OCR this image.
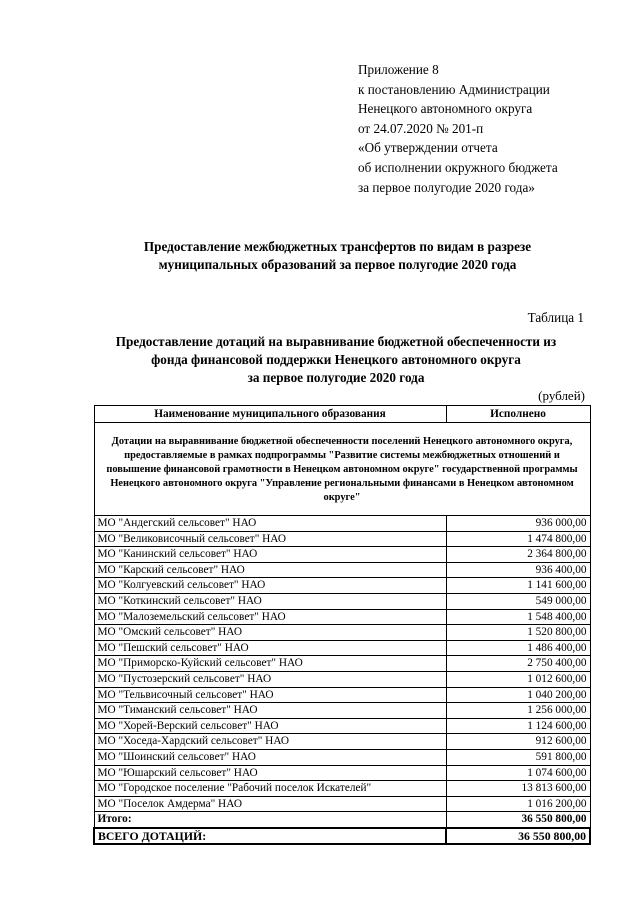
Приложение 8
к постановлению Администрации
Ненецкого автономного округа
от 24.07.2020 № 201-п
«Об утверждении отчета
об исполнении окружного бюджета
за первое полугодие 2020 года»
Предоставление межбюджетных трансфертов по видам в разрезе
муниципальных образований за первое полугодие 2020 года
Таблица 1
Предоставление дотаций на выравнивание бюджетной обеспеченности из
фонда финансовой поддержки Ненецкого автономного округа
за первое полугодие 2020 года
(рублей)
Наименование муниципального образования	Исполнено
Дотации на выравнивание бюджетной обеспеченности поселений Ненецкого автономного округа, предоставляемые в рамках подпрограммы "Развитие системы межбюджетных отношений и повышение финансовой грамотности в Ненецком автономном округе" государственной программы Ненецкого автономного округа "Управление региональными финансами в Ненецком автономном округе"	
МО "Андегский сельсовет" НАО	936 000,00
МО "Великовисочный сельсовет" НАО	1 474 800,00
МО "Канинский сельсовет" НАО	2 364 800,00
МО "Карский сельсовет" НАО	936 400,00
МО "Колгуевский сельсовет" НАО	1 141 600,00
МО "Коткинский сельсовет" НАО	549 000,00
МО "Малоземельский сельсовет" НАО	1 548 400,00
МО "Омский сельсовет" НАО	1 520 800,00
МО "Пешский сельсовет" НАО	1 486 400,00
МО "Приморско-Куйский сельсовет" НАО	2 750 400,00
МО "Пустозерский сельсовет" НАО	1 012 600,00
МО "Тельвисочный сельсовет" НАО	1 040 200,00
МО "Тиманский сельсовет" НАО	1 256 000,00
МО "Хорей-Верский сельсовет" НАО	1 124 600,00
МО "Хоседа-Хардский сельсовет" НАО	912 600,00
МО "Шоинский сельсовет" НАО	591 800,00
МО "Юшарский сельсовет" НАО	1 074 600,00
МО "Городское поселение "Рабочий поселок Искателей"	13 813 600,00
МО "Поселок Амдерма" НАО	1 016 200,00
Итого:	36 550 800,00
ВСЕГО ДОТАЦИЙ:	36 550 800,00
